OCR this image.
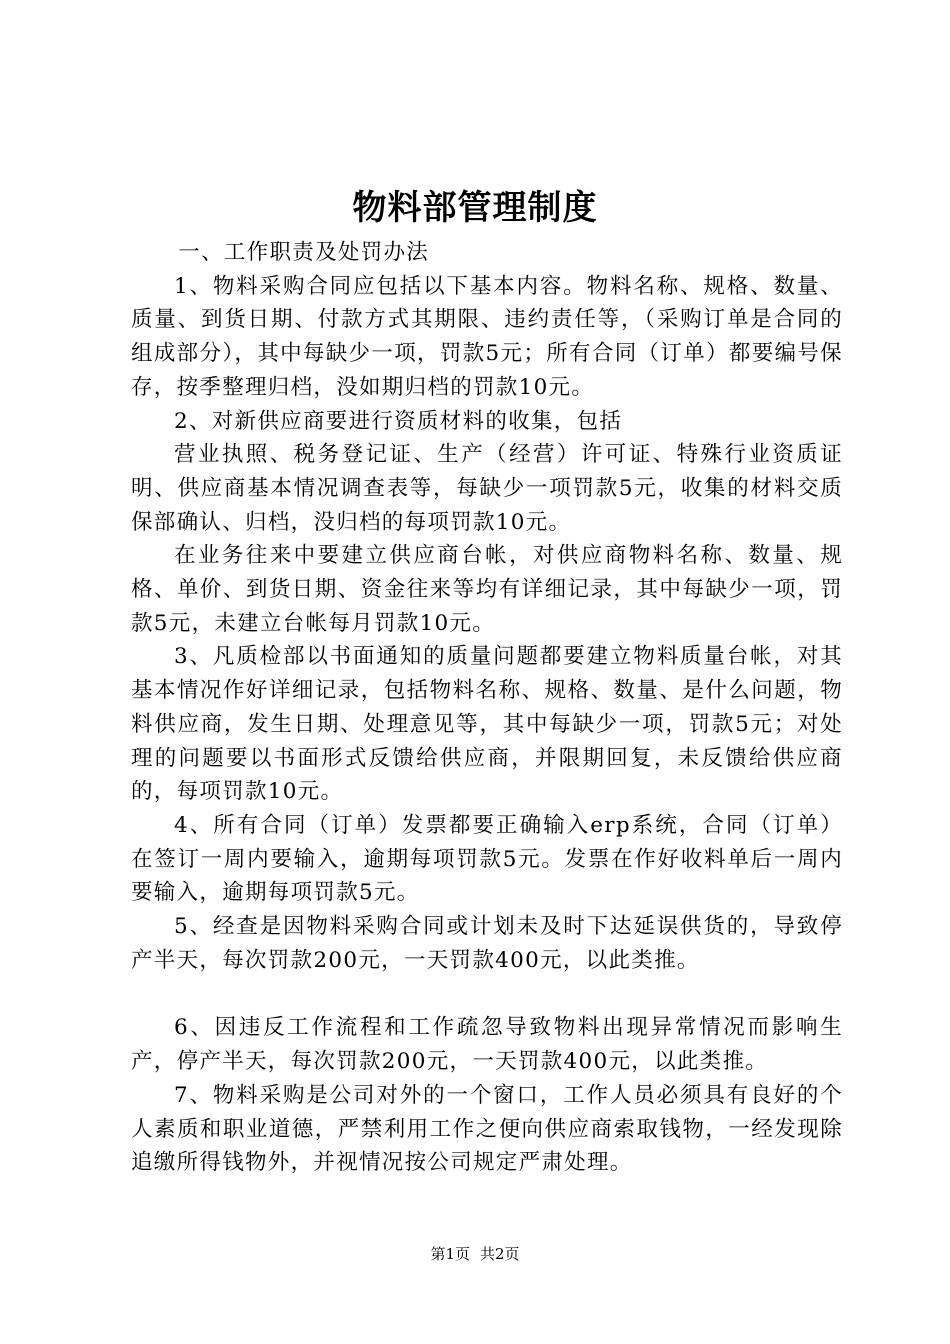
物料部管理制度

一、工作职责及处罚办法

1、物料采购合同应包括以下基本内容。物料名称、规格、数量、质量、到货日期、付款方式其期限、违约责任等，（采购订单是合同的组成部分），其中每缺少一项，罚款5元；所有合同（订单）都要编号保存，按季整理归档，没如期归档的罚款10元。

2、对新供应商要进行资质材料的收集，包括

营业执照、税务登记证、生产（经营）许可证、特殊行业资质证明、供应商基本情况调查表等，每缺少一项罚款5元，收集的材料交质保部确认、归档，没归档的每项罚款10元。

在业务往来中要建立供应商台帐，对供应商物料名称、数量、规格、单价、到货日期、资金往来等均有详细记录，其中每缺少一项，罚款5元，未建立台帐每月罚款10元。

3、凡质检部以书面通知的质量问题都要建立物料质量台帐，对其基本情况作好详细记录，包括物料名称、规格、数量、是什么问题，物料供应商，发生日期、处理意见等，其中每缺少一项，罚款5元；对处理的问题要以书面形式反馈给供应商，并限期回复，未反馈给供应商的，每项罚款10元。

4、所有合同（订单）发票都要正确输入erp系统，合同（订单）在签订一周内要输入，逾期每项罚款5元。发票在作好收料单后一周内要输入，逾期每项罚款5元。

5、经查是因物料采购合同或计划未及时下达延误供货的，导致停产半天，每次罚款200元，一天罚款400元，以此类推。

6、因违反工作流程和工作疏忽导致物料出现异常情况而影响生产，停产半天，每次罚款200元，一天罚款400元，以此类推。

7、物料采购是公司对外的一个窗口，工作人员必须具有良好的个人素质和职业道德，严禁利用工作之便向供应商索取钱物，一经发现除追缴所得钱物外，并视情况按公司规定严肃处理。

第1页 共2页
